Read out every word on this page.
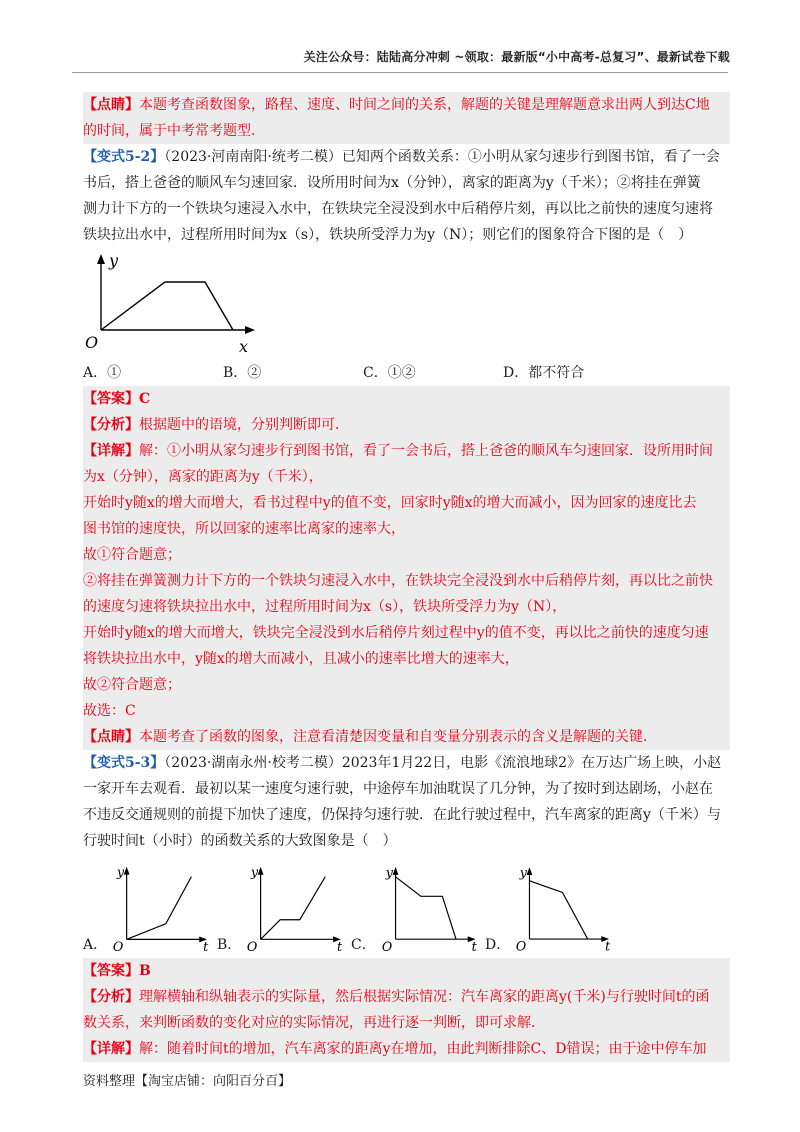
关注公众号：陆陆高分冲刺 ~领取：最新版“小中高考-总复习”、最新试卷下载
【点睛】本题考查函数图象，路程、速度、时间之间的关系，解题的关键是理解题意求出两人到达C地
的时间，属于中考常考题型．
【变式5-2】（2023·河南南阳·统考二模）已知两个函数关系：①小明从家匀速步行到图书馆，看了一会
书后，搭上爸爸的顺风车匀速回家．设所用时间为x（分钟），离家的距离为y（千米）；②将挂在弹簧
测力计下方的一个铁块匀速浸入水中，在铁块完全浸没到水中后稍停片刻，再以比之前快的速度匀速将
铁块拉出水中，过程所用时间为x（s），铁块所受浮力为y（N）；则它们的图象符合下图的是（　）
y
O	x
A．①	B．②	C．①②	D．都不符合
【答案】C
【分析】根据题中的语境，分别判断即可．
【详解】解：①小明从家匀速步行到图书馆，看了一会书后，搭上爸爸的顺风车匀速回家．设所用时间
为x（分钟），离家的距离为y（千米），
开始时y随x的增大而增大，看书过程中y的值不变，回家时y随x的增大而减小，因为回家的速度比去
图书馆的速度快，所以回家的速率比离家的速率大，
故①符合题意；
②将挂在弹簧测力计下方的一个铁块匀速浸入水中，在铁块完全浸没到水中后稍停片刻，再以比之前快
的速度匀速将铁块拉出水中，过程所用时间为x（s），铁块所受浮力为y（N），
开始时y随x的增大而增大，铁块完全浸没到水后稍停片刻过程中y的值不变，再以比之前快的速度匀速
将铁块拉出水中，y随x的增大而减小，且减小的速率比增大的速率大，
故②符合题意；
故选：C
【点睛】本题考查了函数的图象，注意看清楚因变量和自变量分别表示的含义是解题的关键．
【变式5-3】（2023·湖南永州·校考二模）2023年1月22日，电影《流浪地球2》在万达广场上映，小赵
一家开车去观看．最初以某一速度匀速行驶，中途停车加油耽误了几分钟，为了按时到达剧场，小赵在
不违反交通规则的前提下加快了速度，仍保持匀速行驶．在此行驶过程中，汽车离家的距离y（千米）与
行驶时间t（小时）的函数关系的大致图象是（　）
A．
y
O	t B．
y
O	t C．
y
O	t D．
y
O	t
【答案】B
【分析】理解横轴和纵轴表示的实际量，然后根据实际情况：汽车离家的距离y(千米)与行驶时间t的函
数关系，来判断函数的变化对应的实际情况，再进行逐一判断，即可求解．
【详解】解：随着时间t的增加，汽车离家的距离y在增加，由此判断排除C、D错误；由于途中停车加
资料整理【淘宝店铺：向阳百分百】
